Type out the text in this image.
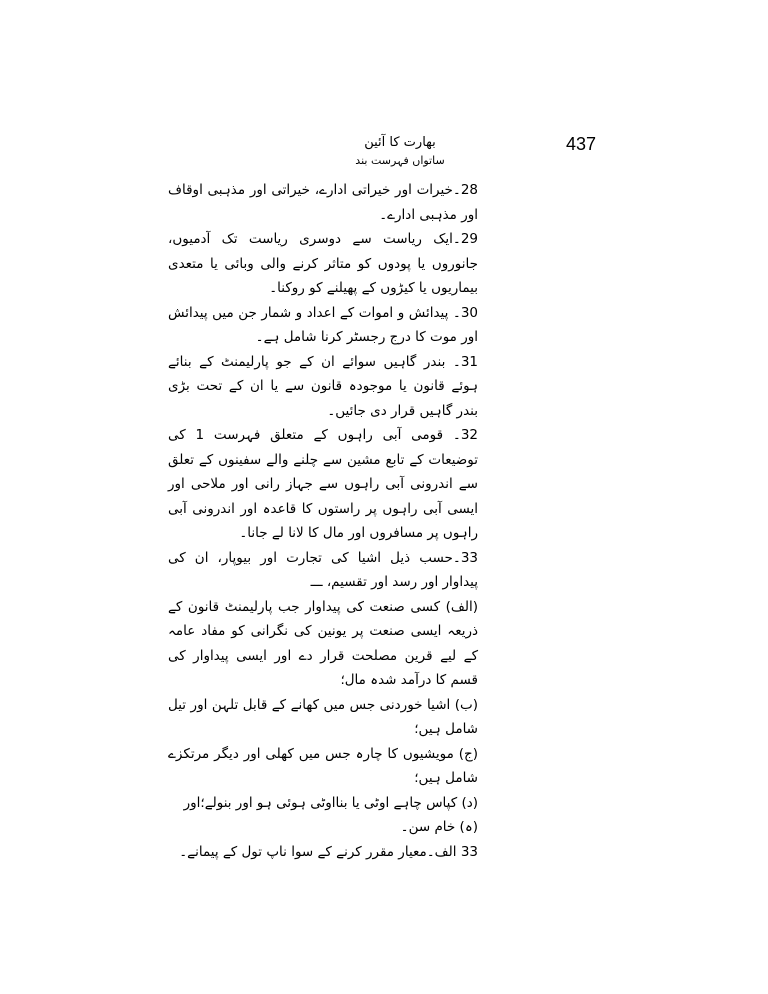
437
بھارت کا آئین
ساتواں فہرست بند

28۔خیرات اور خیراتی ادارے، خیراتی اور مذہبی اوقاف اور مذہبی ادارے۔

29۔ایک ریاست سے دوسری ریاست تک آدمیوں، جانوروں یا پودوں کو متاثر کرنے والی وبائی یا متعدی بیماریوں یا کیڑوں کے پھیلنے کو روکنا۔

30۔ پیدائش و اموات کے اعداد و شمار جن میں پیدائش اور موت کا درج رجسٹر کرنا شامل ہے۔

31۔ بندر گاہیں سوائے ان کے جو پارلیمنٹ کے بنائے ہوئے قانون یا موجودہ قانون سے یا ان کے تحت بڑی بندر گاہیں قرار دی جائیں۔

32۔ قومی آبی راہوں کے متعلق فہرست 1 کی توضیعات کے تابع مشین سے چلنے والے سفینوں کے تعلق سے اندرونی آبی راہوں سے جہاز رانی اور ملاحی اور ایسی آبی راہوں پر راستوں کا قاعدہ اور اندرونی آبی راہوں پر مسافروں اور مال کا لانا لے جانا۔

33۔حسب ذیل اشیا کی تجارت اور بیوپار، ان کی پیداوار اور رسد اور تقسیم، ـــ

(الف) کسی صنعت کی پیداوار جب پارلیمنٹ قانون کے ذریعہ ایسی صنعت پر یونین کی نگرانی کو مفاد عامہ کے لیے قرین مصلحت قرار دے اور ایسی پیداوار کی قسم کا درآمد شدہ مال؛

(ب) اشیا خوردنی جس میں کھانے کے قابل تلہن اور تیل شامل ہیں؛

(ج) مویشیوں کا چارہ جس میں کھلی اور دیگر مرتکزے شامل ہیں؛

(د) کپاس چاہے اوٹی یا بنااوٹی ہوئی ہو اور بنولے؛اور

(ہ) خام سن۔

33 الف۔معیار مقرر کرنے کے سوا ناپ تول کے پیمانے۔
